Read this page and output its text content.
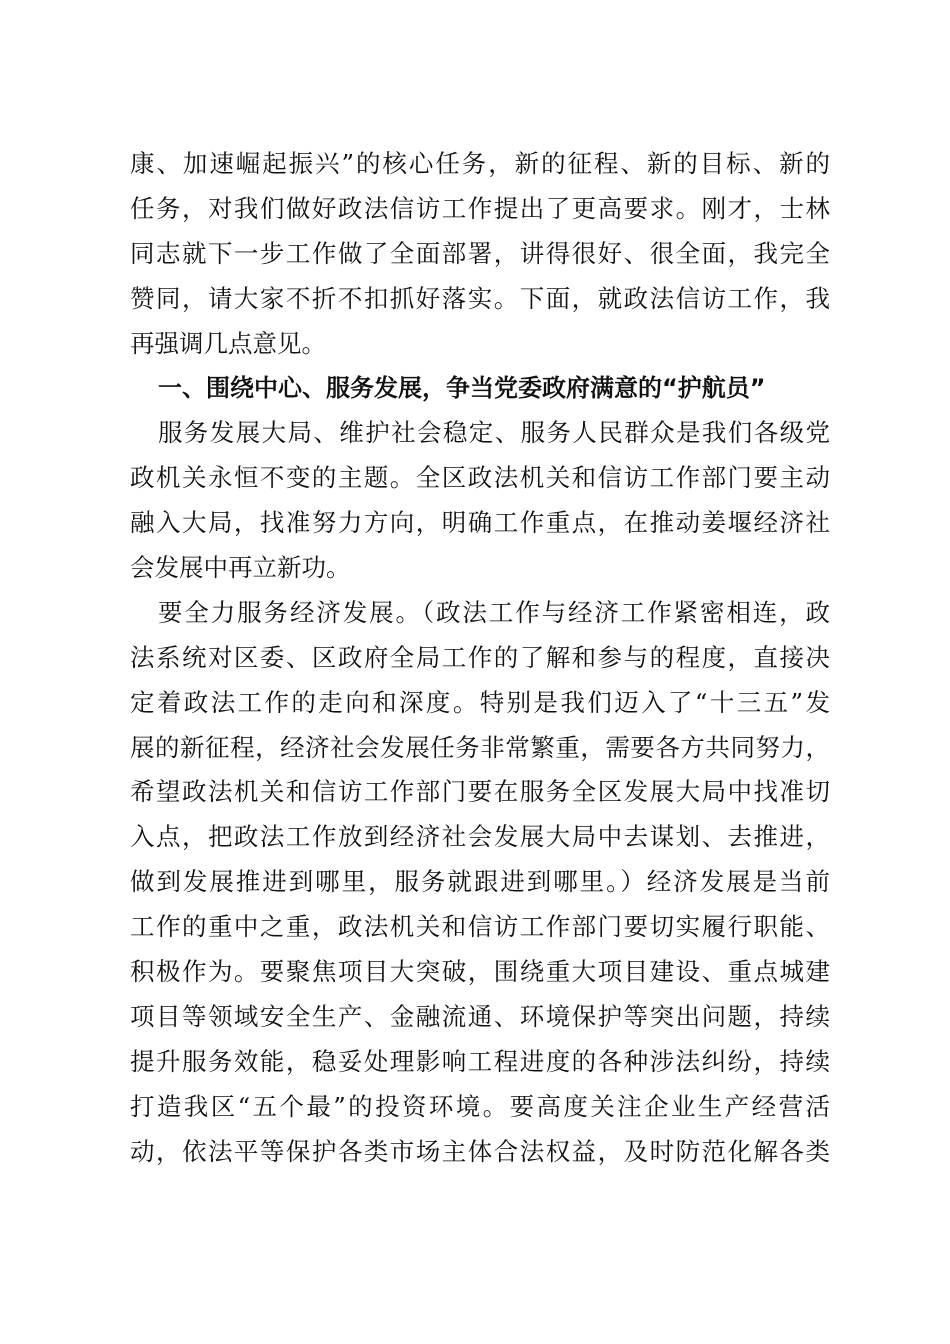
康、加速崛起振兴”的核心任务，新的征程、新的目标、新的
任务，对我们做好政法信访工作提出了更高要求。刚才，士林
同志就下一步工作做了全面部署，讲得很好、很全面，我完全
赞同，请大家不折不扣抓好落实。下面，就政法信访工作，我
再强调几点意见。
一、围绕中心、服务发展，争当党委政府满意的“护航员”
服务发展大局、维护社会稳定、服务人民群众是我们各级党
政机关永恒不变的主题。全区政法机关和信访工作部门要主动
融入大局，找准努力方向，明确工作重点，在推动姜堰经济社
会发展中再立新功。
要全力服务经济发展。（政法工作与经济工作紧密相连，政
法系统对区委、区政府全局工作的了解和参与的程度，直接决
定着政法工作的走向和深度。特别是我们迈入了“十三五”发
展的新征程，经济社会发展任务非常繁重，需要各方共同努力，
希望政法机关和信访工作部门要在服务全区发展大局中找准切
入点，把政法工作放到经济社会发展大局中去谋划、去推进，
做到发展推进到哪里，服务就跟进到哪里。）经济发展是当前
工作的重中之重，政法机关和信访工作部门要切实履行职能、
积极作为。要聚焦项目大突破，围绕重大项目建设、重点城建
项目等领域安全生产、金融流通、环境保护等突出问题，持续
提升服务效能，稳妥处理影响工程进度的各种涉法纠纷，持续
打造我区“五个最”的投资环境。要高度关注企业生产经营活
动，依法平等保护各类市场主体合法权益，及时防范化解各类
